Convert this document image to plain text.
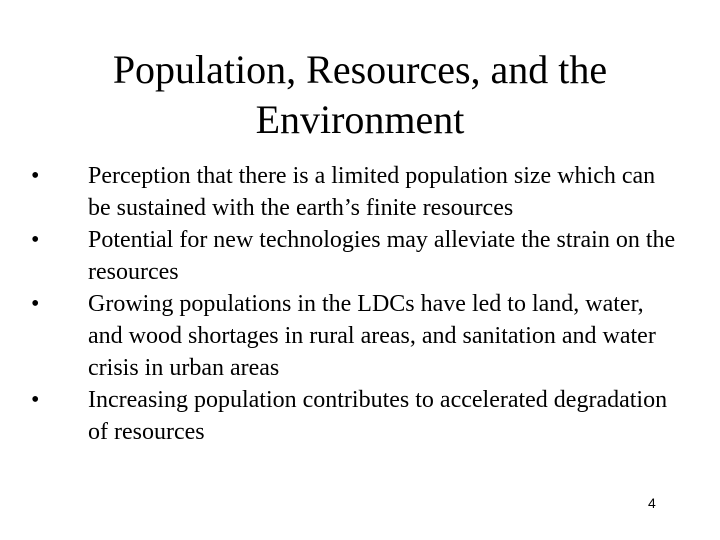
Population, Resources, and the
Environment
•	Perception that there is a limited population size which can be sustained with the earth’s finite resources
•	Potential for new technologies may alleviate the strain on the resources
•	Growing populations in the LDCs have led to land, water, and wood shortages in rural areas, and sanitation and water crisis in urban areas
•	Increasing population contributes to accelerated degradation of resources
4
